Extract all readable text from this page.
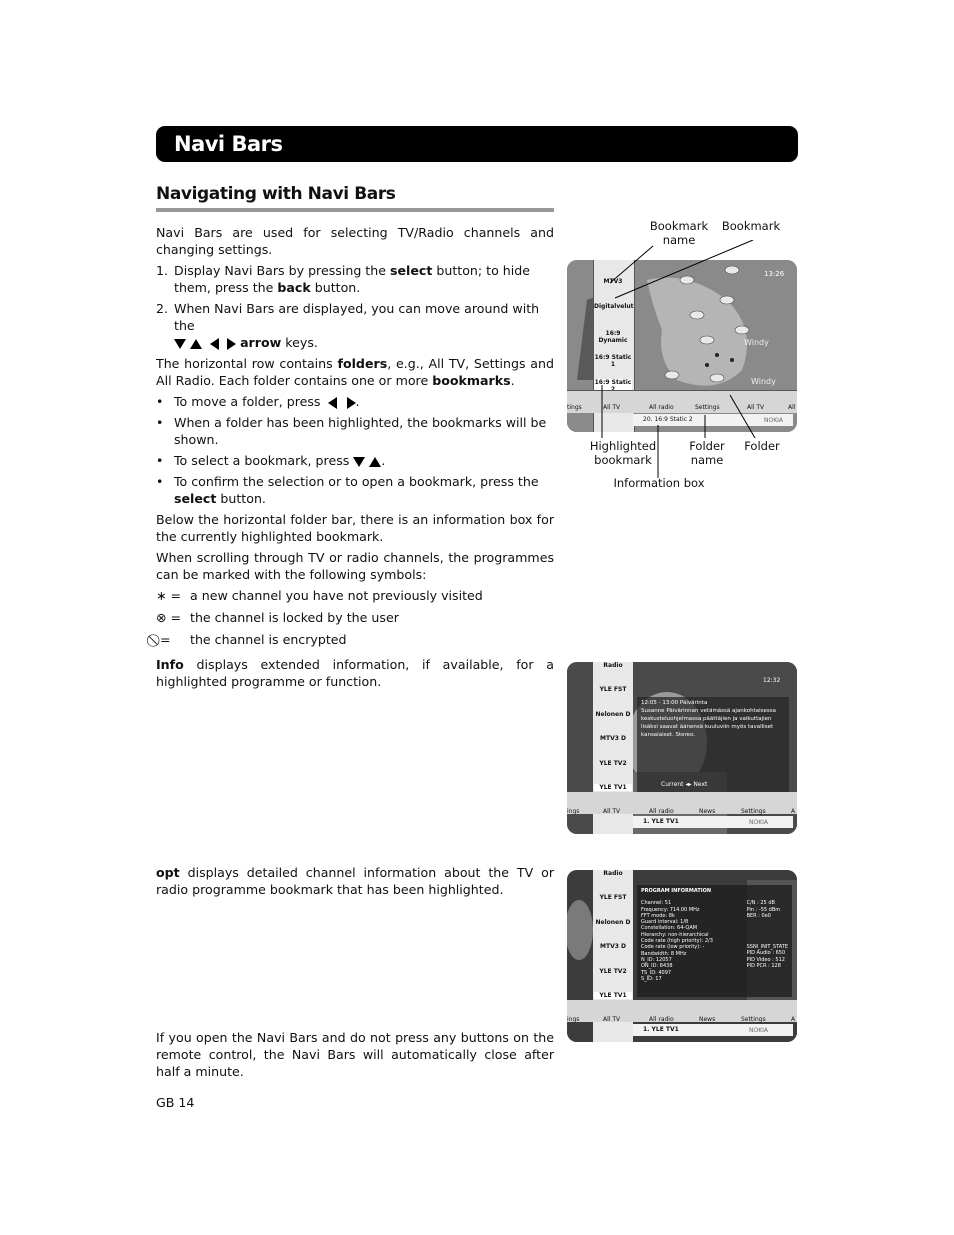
Navi Bars
Navigating with Navi Bars

Navi Bars are used for selecting TV/Radio channels and changing settings.

1. Display Navi Bars by pressing the select button; to hide them, press the back button.
2. When Navi Bars are displayed, you can move around with the
arrow keys.

The horizontal row contains folders, e.g., All TV, Settings and All Radio. Each folder contains one or more bookmarks.

• To move a folder, press	.
• When a folder has been highlighted, the bookmarks will be shown.
• To select a bookmark, press	.
• To confirm the selection or to open a bookmark, press the select button.

Below the horizontal folder bar, there is an information box for the currently highlighted bookmark.

When scrolling through TV or radio channels, the programmes can be marked with the following symbols:

∗ = a new channel you have not previously visited
⊗ = the channel is locked by the user
⃠ =	the channel is encrypted

Info displays extended information, if available, for a highlighted programme or function.

opt displays detailed channel information about the TV or radio programme bookmark that has been highlighted.

If you open the Navi Bars and do not press any buttons on the remote control, the Navi Bars will automatically close after half a minute.

GB 14
Bookmark name
Bookmark
Highlighted bookmark
Folder name
Folder
Information box
Windy
Windy
13:26
MTV3
Digitalvelut
16:9 Dynamic
16:9 Static 1
16:9 Static
tings	All TV	All radio	Settings	All TV	All
20. 16:9 Static 2	NOKIA
Radio
YLE FST
Nelonen D
MTV3 D
YLE TV2
YLE TV1
12:32
12:05 - 13:00 Päivärinta
Susanne Päivärinnan vetämässä ajankohtaisessa keskusteluohjelmassa päättäjien ja vaikuttajien lisäksi saavat äänensä kuuluviin myös tavalliset kansalaiset. Stereo.
Current ◂▸ Next
ings	All TV	All radio	News	Settings	A
1. YLE TV1	NOKIA
Radio
YLE FST
Nelonen D
MTV3 D
YLE TV2
YLE TV1
PROGRAM INFORMATION
Channel: 51
Frequency: 714.00 MHz
FFT mode: 8k
Guard interval: 1/8
Constellation: 64-QAM
Hierarchy: non-hierarchical
Code rate (high priority): 2/3
Code rate (low priority): -
Bandwidth: 8 MHz
N_ID: 12057
ON_ID: 8438
TS_ID: 4097
S_ID: 17
C/N : 25 dB
Pin : -55 dBm
BER : 0e0
SSNI_INIT_STATE
PID Audio : 650
PID Video : 512
PID PCR : 128
ings	All TV	All radio	News	Settings	A
1. YLE TV1	NOKIA
